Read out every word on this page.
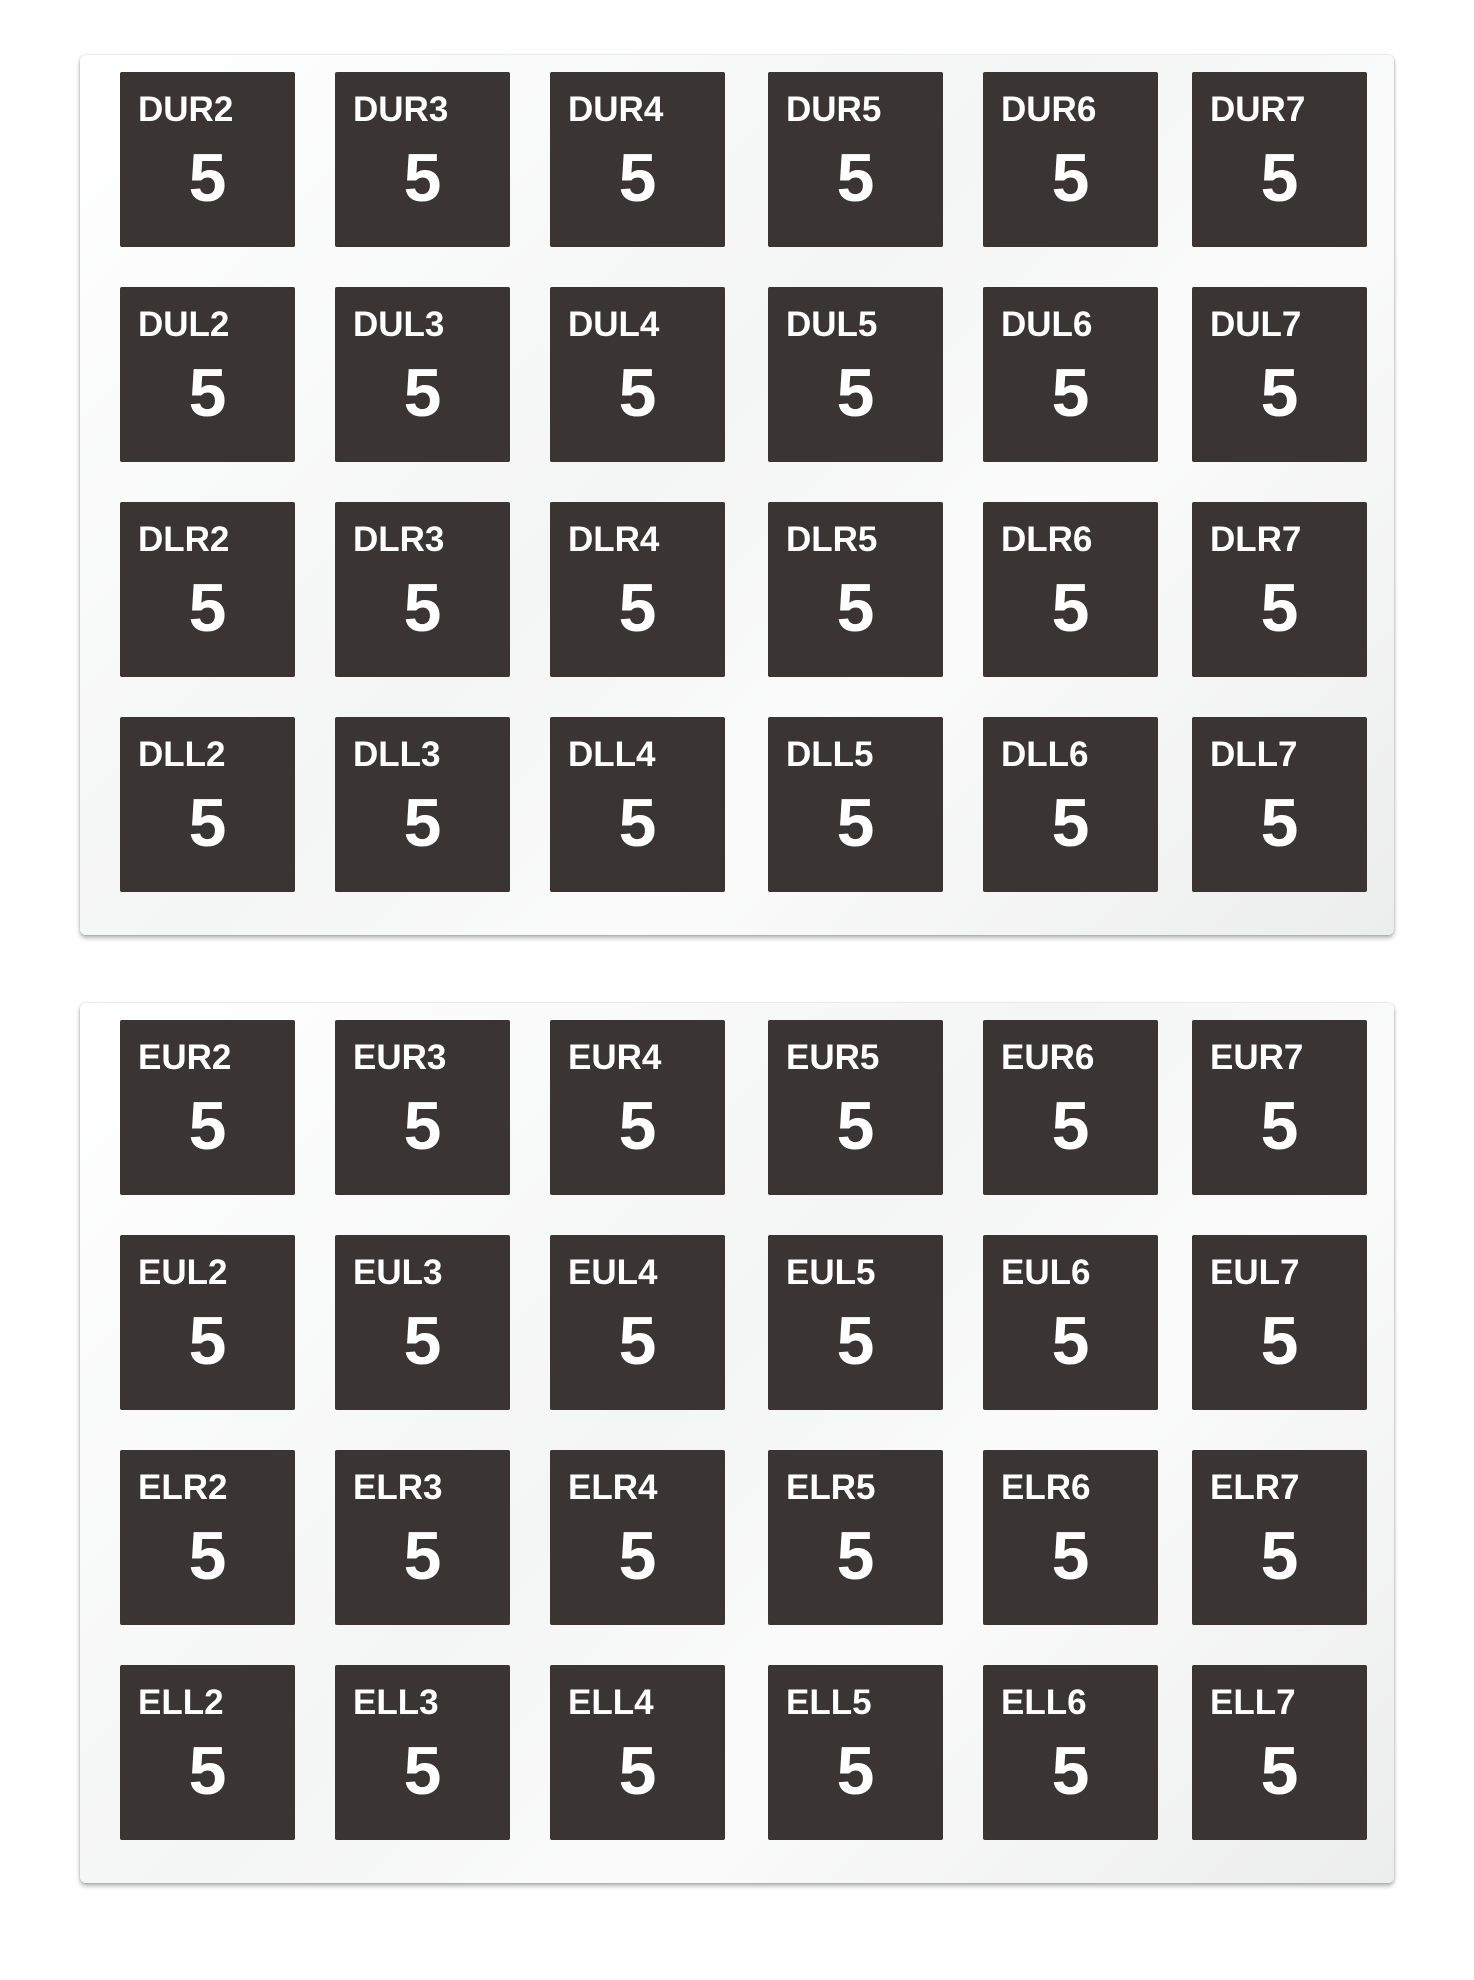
DUR2
5
DUR3
5
DUR4
5
DUR5
5
DUR6
5
DUR7
5
DUL2
5
DUL3
5
DUL4
5
DUL5
5
DUL6
5
DUL7
5
DLR2
5
DLR3
5
DLR4
5
DLR5
5
DLR6
5
DLR7
5
DLL2
5
DLL3
5
DLL4
5
DLL5
5
DLL6
5
DLL7
5
EUR2
5
EUR3
5
EUR4
5
EUR5
5
EUR6
5
EUR7
5
EUL2
5
EUL3
5
EUL4
5
EUL5
5
EUL6
5
EUL7
5
ELR2
5
ELR3
5
ELR4
5
ELR5
5
ELR6
5
ELR7
5
ELL2
5
ELL3
5
ELL4
5
ELL5
5
ELL6
5
ELL7
5
